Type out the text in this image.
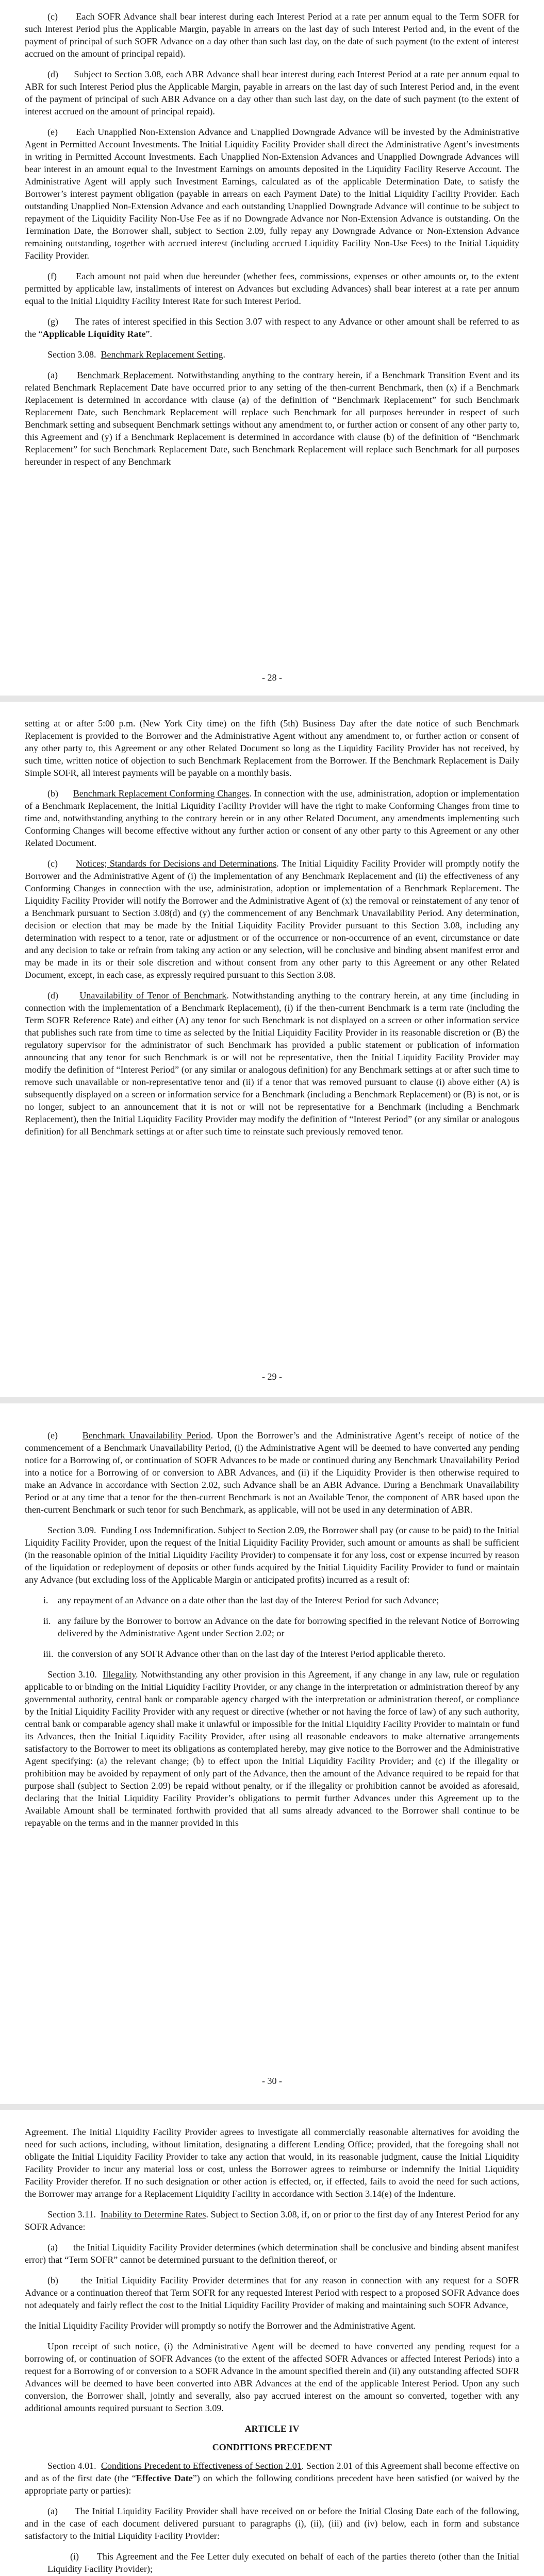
(c)      Each SOFR Advance shall bear interest during each Interest Period at a rate per annum equal to the Term SOFR for such Interest Period plus the Applicable Margin, payable in arrears on the last day of such Interest Period and, in the event of the payment of principal of such SOFR Advance on a day other than such last day, on the date of such payment (to the extent of interest accrued on the amount of principal repaid).

(d)      Subject to Section 3.08, each ABR Advance shall bear interest during each Interest Period at a rate per annum equal to ABR for such Interest Period plus the Applicable Margin, payable in arrears on the last day of such Interest Period and, in the event of the payment of principal of such ABR Advance on a day other than such last day, on the date of such payment (to the extent of interest accrued on the amount of principal repaid).

(e)      Each Unapplied Non-Extension Advance and Unapplied Downgrade Advance will be invested by the Administrative Agent in Permitted Account Investments. The Initial Liquidity Facility Provider shall direct the Administrative Agent’s investments in writing in Permitted Account Investments. Each Unapplied Non-Extension Advances and Unapplied Downgrade Advances will bear interest in an amount equal to the Investment Earnings on amounts deposited in the Liquidity Facility Reserve Account. The Administrative Agent will apply such Investment Earnings, calculated as of the applicable Determination Date, to satisfy the Borrower’s interest payment obligation (payable in arrears on each Payment Date) to the Initial Liquidity Facility Provider. Each outstanding Unapplied Non-Extension Advance and each outstanding Unapplied Downgrade Advance will continue to be subject to repayment of the Liquidity Facility Non-Use Fee as if no Downgrade Advance nor Non-Extension Advance is outstanding. On the Termination Date, the Borrower shall, subject to Section 2.09, fully repay any Downgrade Advance or Non-Extension Advance remaining outstanding, together with accrued interest (including accrued Liquidity Facility Non-Use Fees) to the Initial Liquidity Facility Provider.

(f)      Each amount not paid when due hereunder (whether fees, commissions, expenses or other amounts or, to the extent permitted by applicable law, installments of interest on Advances but excluding Advances) shall bear interest at a rate per annum equal to the Initial Liquidity Facility Interest Rate for such Interest Period.

(g)      The rates of interest specified in this Section 3.07 with respect to any Advance or other amount shall be referred to as the “Applicable Liquidity Rate”.

Section 3.08.  Benchmark Replacement Setting.

(a)      Benchmark Replacement. Notwithstanding anything to the contrary herein, if a Benchmark Transition Event and its related Benchmark Replacement Date have occurred prior to any setting of the then-current Benchmark, then (x) if a Benchmark Replacement is determined in accordance with clause (a) of the definition of “Benchmark Replacement” for such Benchmark Replacement Date, such Benchmark Replacement will replace such Benchmark for all purposes hereunder in respect of such Benchmark setting and subsequent Benchmark settings without any amendment to, or further action or consent of any other party to, this Agreement and (y) if a Benchmark Replacement is determined in accordance with clause (b) of the definition of “Benchmark Replacement” for such Benchmark Replacement Date, such Benchmark Replacement will replace such Benchmark for all purposes hereunder in respect of any Benchmark

- 28 -

setting at or after 5:00 p.m. (New York City time) on the fifth (5th) Business Day after the date notice of such Benchmark Replacement is provided to the Borrower and the Administrative Agent without any amendment to, or further action or consent of any other party to, this Agreement or any other Related Document so long as the Liquidity Facility Provider has not received, by such time, written notice of objection to such Benchmark Replacement from the Borrower. If the Benchmark Replacement is Daily Simple SOFR, all interest payments will be payable on a monthly basis.

(b)      Benchmark Replacement Conforming Changes. In connection with the use, administration, adoption or implementation of a Benchmark Replacement, the Initial Liquidity Facility Provider will have the right to make Conforming Changes from time to time and, notwithstanding anything to the contrary herein or in any other Related Document, any amendments implementing such Conforming Changes will become effective without any further action or consent of any other party to this Agreement or any other Related Document.

(c)      Notices; Standards for Decisions and Determinations. The Initial Liquidity Facility Provider will promptly notify the Borrower and the Administrative Agent of (i) the implementation of any Benchmark Replacement and (ii) the effectiveness of any Conforming Changes in connection with the use, administration, adoption or implementation of a Benchmark Replacement. The Liquidity Facility Provider will notify the Borrower and the Administrative Agent of (x) the removal or reinstatement of any tenor of a Benchmark pursuant to Section 3.08(d) and (y) the commencement of any Benchmark Unavailability Period. Any determination, decision or election that may be made by the Initial Liquidity Facility Provider pursuant to this Section 3.08, including any determination with respect to a tenor, rate or adjustment or of the occurrence or non-occurrence of an event, circumstance or date and any decision to take or refrain from taking any action or any selection, will be conclusive and binding absent manifest error and may be made in its or their sole discretion and without consent from any other party to this Agreement or any other Related Document, except, in each case, as expressly required pursuant to this Section 3.08.

(d)      Unavailability of Tenor of Benchmark. Notwithstanding anything to the contrary herein, at any time (including in connection with the implementation of a Benchmark Replacement), (i) if the then-current Benchmark is a term rate (including the Term SOFR Reference Rate) and either (A) any tenor for such Benchmark is not displayed on a screen or other information service that publishes such rate from time to time as selected by the Initial Liquidity Facility Provider in its reasonable discretion or (B) the regulatory supervisor for the administrator of such Benchmark has provided a public statement or publication of information announcing that any tenor for such Benchmark is or will not be representative, then the Initial Liquidity Facility Provider may modify the definition of “Interest Period” (or any similar or analogous definition) for any Benchmark settings at or after such time to remove such unavailable or non-representative tenor and (ii) if a tenor that was removed pursuant to clause (i) above either (A) is subsequently displayed on a screen or information service for a Benchmark (including a Benchmark Replacement) or (B) is not, or is no longer, subject to an announcement that it is not or will not be representative for a Benchmark (including a Benchmark Replacement), then the Initial Liquidity Facility Provider may modify the definition of “Interest Period” (or any similar or analogous definition) for all Benchmark settings at or after such time to reinstate such previously removed tenor.

- 29 -

(e)      Benchmark Unavailability Period. Upon the Borrower’s and the Administrative Agent’s receipt of notice of the commencement of a Benchmark Unavailability Period, (i) the Administrative Agent will be deemed to have converted any pending notice for a Borrowing of, or continuation of SOFR Advances to be made or continued during any Benchmark Unavailability Period into a notice for a Borrowing of or conversion to ABR Advances, and (ii) if the Liquidity Provider is then otherwise required to make an Advance in accordance with Section 2.02, such Advance shall be an ABR Advance. During a Benchmark Unavailability Period or at any time that a tenor for the then-current Benchmark is not an Available Tenor, the component of ABR based upon the then-current Benchmark or such tenor for such Benchmark, as applicable, will not be used in any determination of ABR.

Section 3.09.  Funding Loss Indemnification. Subject to Section 2.09, the Borrower shall pay (or cause to be paid) to the Initial Liquidity Facility Provider, upon the request of the Initial Liquidity Facility Provider, such amount or amounts as shall be sufficient (in the reasonable opinion of the Initial Liquidity Facility Provider) to compensate it for any loss, cost or expense incurred by reason of the liquidation or redeployment of deposits or other funds acquired by the Initial Liquidity Facility Provider to fund or maintain any Advance (but excluding loss of the Applicable Margin or anticipated profits) incurred as a result of:

i. any repayment of an Advance on a date other than the last day of the Interest Period for such Advance;

ii. any failure by the Borrower to borrow an Advance on the date for borrowing specified in the relevant Notice of Borrowing delivered by the Administrative Agent under Section 2.02; or

iii. the conversion of any SOFR Advance other than on the last day of the Interest Period applicable thereto.

Section 3.10.  Illegality. Notwithstanding any other provision in this Agreement, if any change in any law, rule or regulation applicable to or binding on the Initial Liquidity Facility Provider, or any change in the interpretation or administration thereof by any governmental authority, central bank or comparable agency charged with the interpretation or administration thereof, or compliance by the Initial Liquidity Facility Provider with any request or directive (whether or not having the force of law) of any such authority, central bank or comparable agency shall make it unlawful or impossible for the Initial Liquidity Facility Provider to maintain or fund its Advances, then the Initial Liquidity Facility Provider, after using all reasonable endeavors to make alternative arrangements satisfactory to the Borrower to meet its obligations as contemplated hereby, may give notice to the Borrower and the Administrative Agent specifying: (a) the relevant change; (b) to effect upon the Initial Liquidity Facility Provider; and (c) if the illegality or prohibition may be avoided by repayment of only part of the Advance, then the amount of the Advance required to be repaid for that purpose shall (subject to Section 2.09) be repaid without penalty, or if the illegality or prohibition cannot be avoided as aforesaid, declaring that the Initial Liquidity Facility Provider’s obligations to permit further Advances under this Agreement up to the Available Amount shall be terminated forthwith provided that all sums already advanced to the Borrower shall continue to be repayable on the terms and in the manner provided in this

- 30 -

Agreement. The Initial Liquidity Facility Provider agrees to investigate all commercially reasonable alternatives for avoiding the need for such actions, including, without limitation, designating a different Lending Office; provided, that the foregoing shall not obligate the Initial Liquidity Facility Provider to take any action that would, in its reasonable judgment, cause the Initial Liquidity Facility Provider to incur any material loss or cost, unless the Borrower agrees to reimburse or indemnify the Initial Liquidity Facility Provider therefor. If no such designation or other action is effected, or, if effected, fails to avoid the need for such actions, the Borrower may arrange for a Replacement Liquidity Facility in accordance with Section 3.14(e) of the Indenture.

Section 3.11.  Inability to Determine Rates. Subject to Section 3.08, if, on or prior to the first day of any Interest Period for any SOFR Advance:

(a)      the Initial Liquidity Facility Provider determines (which determination shall be conclusive and binding absent manifest error) that “Term SOFR” cannot be determined pursuant to the definition thereof, or

(b)      the Initial Liquidity Facility Provider determines that for any reason in connection with any request for a SOFR Advance or a continuation thereof that Term SOFR for any requested Interest Period with respect to a proposed SOFR Advance does not adequately and fairly reflect the cost to the Initial Liquidity Facility Provider of making and maintaining such SOFR Advance,

the Initial Liquidity Facility Provider will promptly so notify the Borrower and the Administrative Agent.

Upon receipt of such notice, (i) the Administrative Agent will be deemed to have converted any pending request for a borrowing of, or continuation of SOFR Advances (to the extent of the affected SOFR Advances or affected Interest Periods) into a request for a Borrowing of or conversion to a SOFR Advance in the amount specified therein and (ii) any outstanding affected SOFR Advances will be deemed to have been converted into ABR Advances at the end of the applicable Interest Period. Upon any such conversion, the Borrower shall, jointly and severally, also pay accrued interest on the amount so converted, together with any additional amounts required pursuant to Section 3.09.

ARTICLE IV

CONDITIONS PRECEDENT

Section 4.01.  Conditions Precedent to Effectiveness of Section 2.01. Section 2.01 of this Agreement shall become effective on and as of the first date (the “Effective Date”) on which the following conditions precedent have been satisfied (or waived by the appropriate party or parties):

(a)      The Initial Liquidity Facility Provider shall have received on or before the Initial Closing Date each of the following, and in the case of each document delivered pursuant to paragraphs (i), (ii), (iii) and (iv) below, each in form and substance satisfactory to the Initial Liquidity Facility Provider:

(i)      This Agreement and the Fee Letter duly executed on behalf of each of the parties thereto (other than the Initial Liquidity Facility Provider);
